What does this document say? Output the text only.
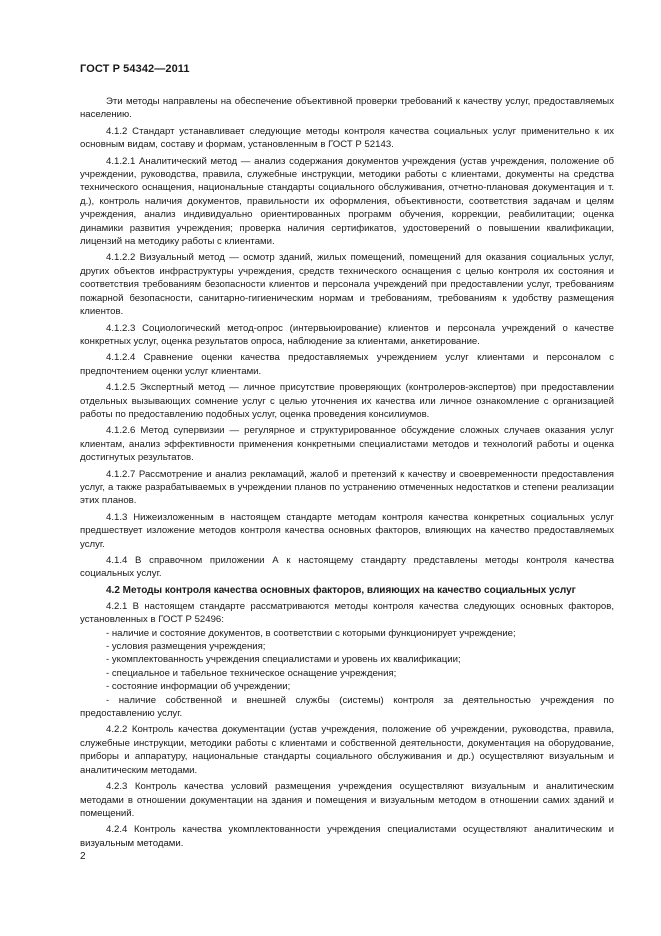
ГОСТ Р 54342—2011

Эти методы направлены на обеспечение объективной проверки требований к качеству услуг, предоставляемых населению.

4.1.2 Стандарт устанавливает следующие методы контроля качества социальных услуг применительно к их основным видам, составу и формам, установленным в ГОСТ Р 52143.

4.1.2.1 Аналитический метод — анализ содержания документов учреждения (устав учреждения, положение об учреждении, руководства, правила, служебные инструкции, методики работы с клиентами, документы на средства технического оснащения, национальные стандарты социального обслуживания, отчетно-плановая документация и т. д.), контроль наличия документов, правильности их оформления, объективности, соответствия задачам и целям учреждения, анализ индивидуально ориентированных программ обучения, коррекции, реабилитации; оценка динамики развития учреждения; проверка наличия сертификатов, удостоверений о повышении квалификации, лицензий на методику работы с клиентами.

4.1.2.2 Визуальный метод — осмотр зданий, жилых помещений, помещений для оказания социальных услуг, других объектов инфраструктуры учреждения, средств технического оснащения с целью контроля их состояния и соответствия требованиям безопасности клиентов и персонала учреждений при предоставлении услуг, требованиям пожарной безопасности, санитарно-гигиеническим нормам и требованиям, требованиям к удобству размещения клиентов.

4.1.2.3 Социологический метод-опрос (интервьюирование) клиентов и персонала учреждений о качестве конкретных услуг, оценка результатов опроса, наблюдение за клиентами, анкетирование.

4.1.2.4 Сравнение оценки качества предоставляемых учреждением услуг клиентами и персоналом с предпочтением оценки услуг клиентами.

4.1.2.5 Экспертный метод — личное присутствие проверяющих (контролеров-экспертов) при предоставлении отдельных вызывающих сомнение услуг с целью уточнения их качества или личное ознакомление с организацией работы по предоставлению подобных услуг, оценка проведения консилиумов.

4.1.2.6 Метод супервизии — регулярное и структурированное обсуждение сложных случаев оказания услуг клиентам, анализ эффективности применения конкретными специалистами методов и технологий работы и оценка достигнутых результатов.

4.1.2.7 Рассмотрение и анализ рекламаций, жалоб и претензий к качеству и своевременности предоставления услуг, а также разрабатываемых в учреждении планов по устранению отмеченных недостатков и степени реализации этих планов.

4.1.3 Нижеизложенным в настоящем стандарте методам контроля качества конкретных социальных услуг предшествует изложение методов контроля качества основных факторов, влияющих на качество предоставляемых услуг.

4.1.4 В справочном приложении А к настоящему стандарту представлены методы контроля качества социальных услуг.

4.2 Методы контроля качества основных факторов, влияющих на качество социальных услуг

4.2.1 В настоящем стандарте рассматриваются методы контроля качества следующих основных факторов, установленных в ГОСТ Р 52496:

- наличие и состояние документов, в соответствии с которыми функционирует учреждение;

- условия размещения учреждения;

- укомплектованность учреждения специалистами и уровень их квалификации;

- специальное и табельное техническое оснащение учреждения;

- состояние информации об учреждении;

- наличие собственной и внешней службы (системы) контроля за деятельностью учреждения по предоставлению услуг.

4.2.2 Контроль качества документации (устав учреждения, положение об учреждении, руководства, правила, служебные инструкции, методики работы с клиентами и собственной деятельности, документация на оборудование, приборы и аппаратуру, национальные стандарты социального обслуживания и др.) осуществляют визуальным и аналитическим методами.

4.2.3 Контроль качества условий размещения учреждения осуществляют визуальным и аналитическим методами в отношении документации на здания и помещения и визуальным методом в отношении самих зданий и помещений.

4.2.4 Контроль качества укомплектованности учреждения специалистами осуществляют аналитическим и визуальным методами.

2
